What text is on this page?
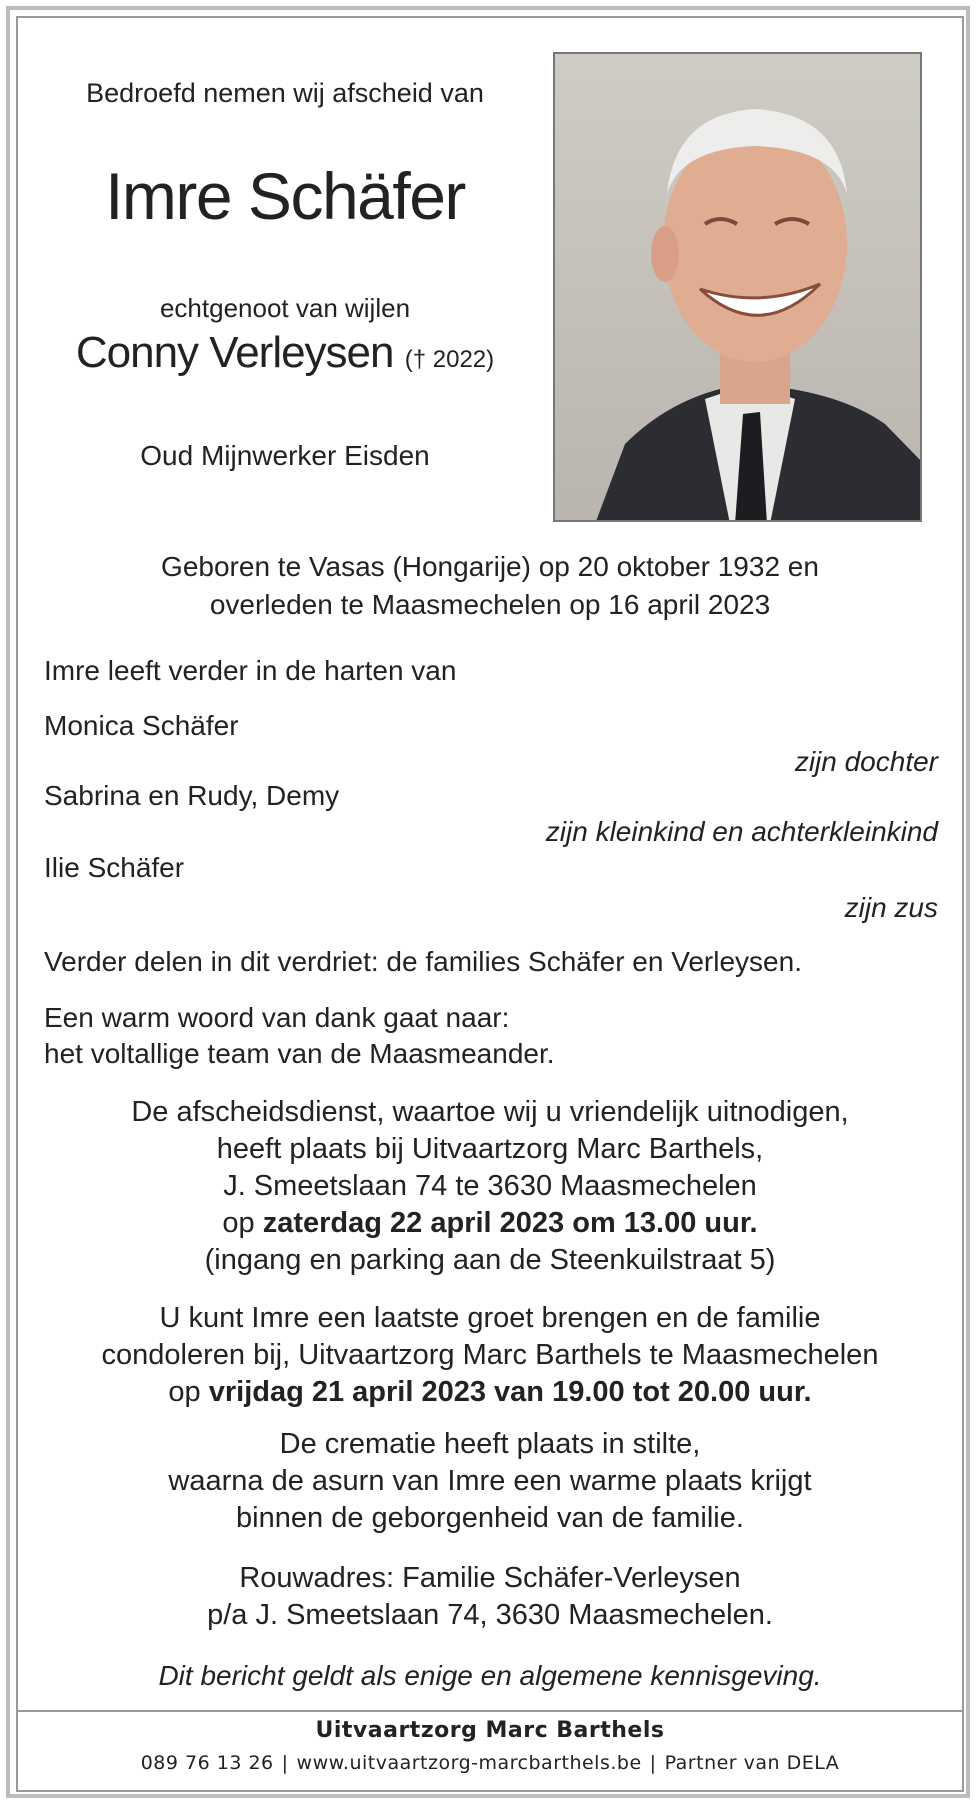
Bedroefd nemen wij afscheid van
Imre Schäfer
echtgenoot van wijlen
Conny Verleysen († 2022)
Oud Mijnwerker Eisden
Geboren te Vasas (Hongarije) op 20 oktober 1932 en
overleden te Maasmechelen op 16 april 2023
Imre leeft verder in de harten van
Monica Schäfer
zijn dochter
Sabrina en Rudy, Demy
zijn kleinkind en achterkleinkind
Ilie Schäfer
zijn zus
Verder delen in dit verdriet: de families Schäfer en Verleysen.
Een warm woord van dank gaat naar:
het voltallige team van de Maasmeander.
De afscheidsdienst, waartoe wij u vriendelijk uitnodigen,
heeft plaats bij Uitvaartzorg Marc Barthels,
J. Smeetslaan 74 te 3630 Maasmechelen
op zaterdag 22 april 2023 om 13.00 uur.
(ingang en parking aan de Steenkuilstraat 5)
U kunt Imre een laatste groet brengen en de familie
condoleren bij, Uitvaartzorg Marc Barthels te Maasmechelen
op vrijdag 21 april 2023 van 19.00 tot 20.00 uur.
De crematie heeft plaats in stilte,
waarna de asurn van Imre een warme plaats krijgt
binnen de geborgenheid van de familie.
Rouwadres: Familie Schäfer-Verleysen
p/a J. Smeetslaan 74, 3630 Maasmechelen.
Dit bericht geldt als enige en algemene kennisgeving.
Uitvaartzorg Marc Barthels
089 76 13 26 | www.uitvaartzorg-marcbarthels.be | Partner van DELA
